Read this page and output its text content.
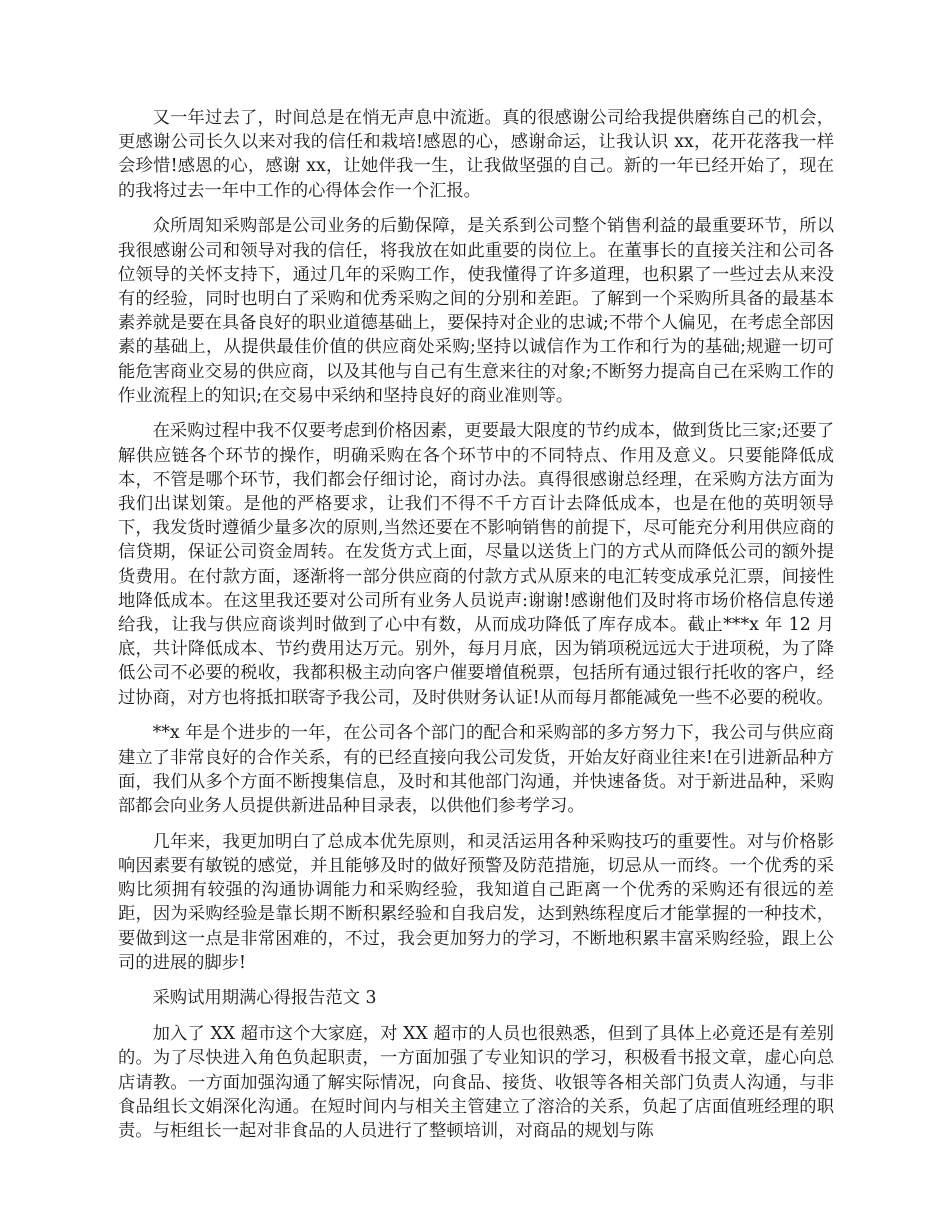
又一年过去了，时间总是在悄无声息中流逝。真的很感谢公司给我提供磨练自己的机会，更感谢公司长久以来对我的信任和栽培!感恩的心，感谢命运，让我认识 xx，花开花落我一样会珍惜!感恩的心，感谢 xx，让她伴我一生，让我做坚强的自己。新的一年已经开始了，现在的我将过去一年中工作的心得体会作一个汇报。

众所周知采购部是公司业务的后勤保障，是关系到公司整个销售利益的最重要环节，所以我很感谢公司和领导对我的信任，将我放在如此重要的岗位上。在董事长的直接关注和公司各位领导的关怀支持下，通过几年的采购工作，使我懂得了许多道理，也积累了一些过去从来没有的经验，同时也明白了采购和优秀采购之间的分别和差距。了解到一个采购所具备的最基本素养就是要在具备良好的职业道德基础上，要保持对企业的忠诚;不带个人偏见，在考虑全部因素的基础上，从提供最佳价值的供应商处采购;坚持以诚信作为工作和行为的基础;规避一切可能危害商业交易的供应商，以及其他与自己有生意来往的对象;不断努力提高自己在采购工作的作业流程上的知识;在交易中采纳和坚持良好的商业准则等。

在采购过程中我不仅要考虑到价格因素，更要最大限度的节约成本，做到货比三家;还要了解供应链各个环节的操作，明确采购在各个环节中的不同特点、作用及意义。只要能降低成本，不管是哪个环节，我们都会仔细讨论，商讨办法。真得很感谢总经理，在采购方法方面为我们出谋划策。是他的严格要求，让我们不得不千方百计去降低成本，也是在他的英明领导下，我发货时遵循少量多次的原则,当然还要在不影响销售的前提下，尽可能充分利用供应商的信贷期，保证公司资金周转。在发货方式上面，尽量以送货上门的方式从而降低公司的额外提货费用。在付款方面，逐渐将一部分供应商的付款方式从原来的电汇转变成承兑汇票，间接性地降低成本。在这里我还要对公司所有业务人员说声:谢谢!感谢他们及时将市场价格信息传递给我，让我与供应商谈判时做到了心中有数，从而成功降低了库存成本。截止***x 年 12 月底，共计降低成本、节约费用达万元。别外，每月月底，因为销项税远远大于进项税，为了降低公司不必要的税收，我都积极主动向客户催要增值税票，包括所有通过银行托收的客户，经过协商，对方也将抵扣联寄予我公司，及时供财务认证!从而每月都能减免一些不必要的税收。

**x 年是个进步的一年，在公司各个部门的配合和采购部的多方努力下，我公司与供应商建立了非常良好的合作关系，有的已经直接向我公司发货，开始友好商业往来!在引进新品种方面，我们从多个方面不断搜集信息，及时和其他部门沟通，并快速备货。对于新进品种，采购部都会向业务人员提供新进品种目录表，以供他们参考学习。

几年来，我更加明白了总成本优先原则，和灵活运用各种采购技巧的重要性。对与价格影响因素要有敏锐的感觉，并且能够及时的做好预警及防范措施，切忌从一而终。一个优秀的采购比须拥有较强的沟通协调能力和采购经验，我知道自己距离一个优秀的采购还有很远的差距，因为采购经验是靠长期不断积累经验和自我启发，达到熟练程度后才能掌握的一种技术，要做到这一点是非常困难的，不过，我会更加努力的学习，不断地积累丰富采购经验，跟上公司的进展的脚步!

采购试用期满心得报告范文 3

加入了 XX 超市这个大家庭，对 XX 超市的人员也很熟悉，但到了具体上必竟还是有差别的。为了尽快进入角色负起职责，一方面加强了专业知识的学习，积极看书报文章，虚心向总店请教。一方面加强沟通了解实际情况，向食品、接货、收银等各相关部门负责人沟通，与非食品组长文娟深化沟通。在短时间内与相关主管建立了溶洽的关系，负起了店面值班经理的职责。与柜组长一起对非食品的人员进行了整顿培训，对商品的规划与陈
